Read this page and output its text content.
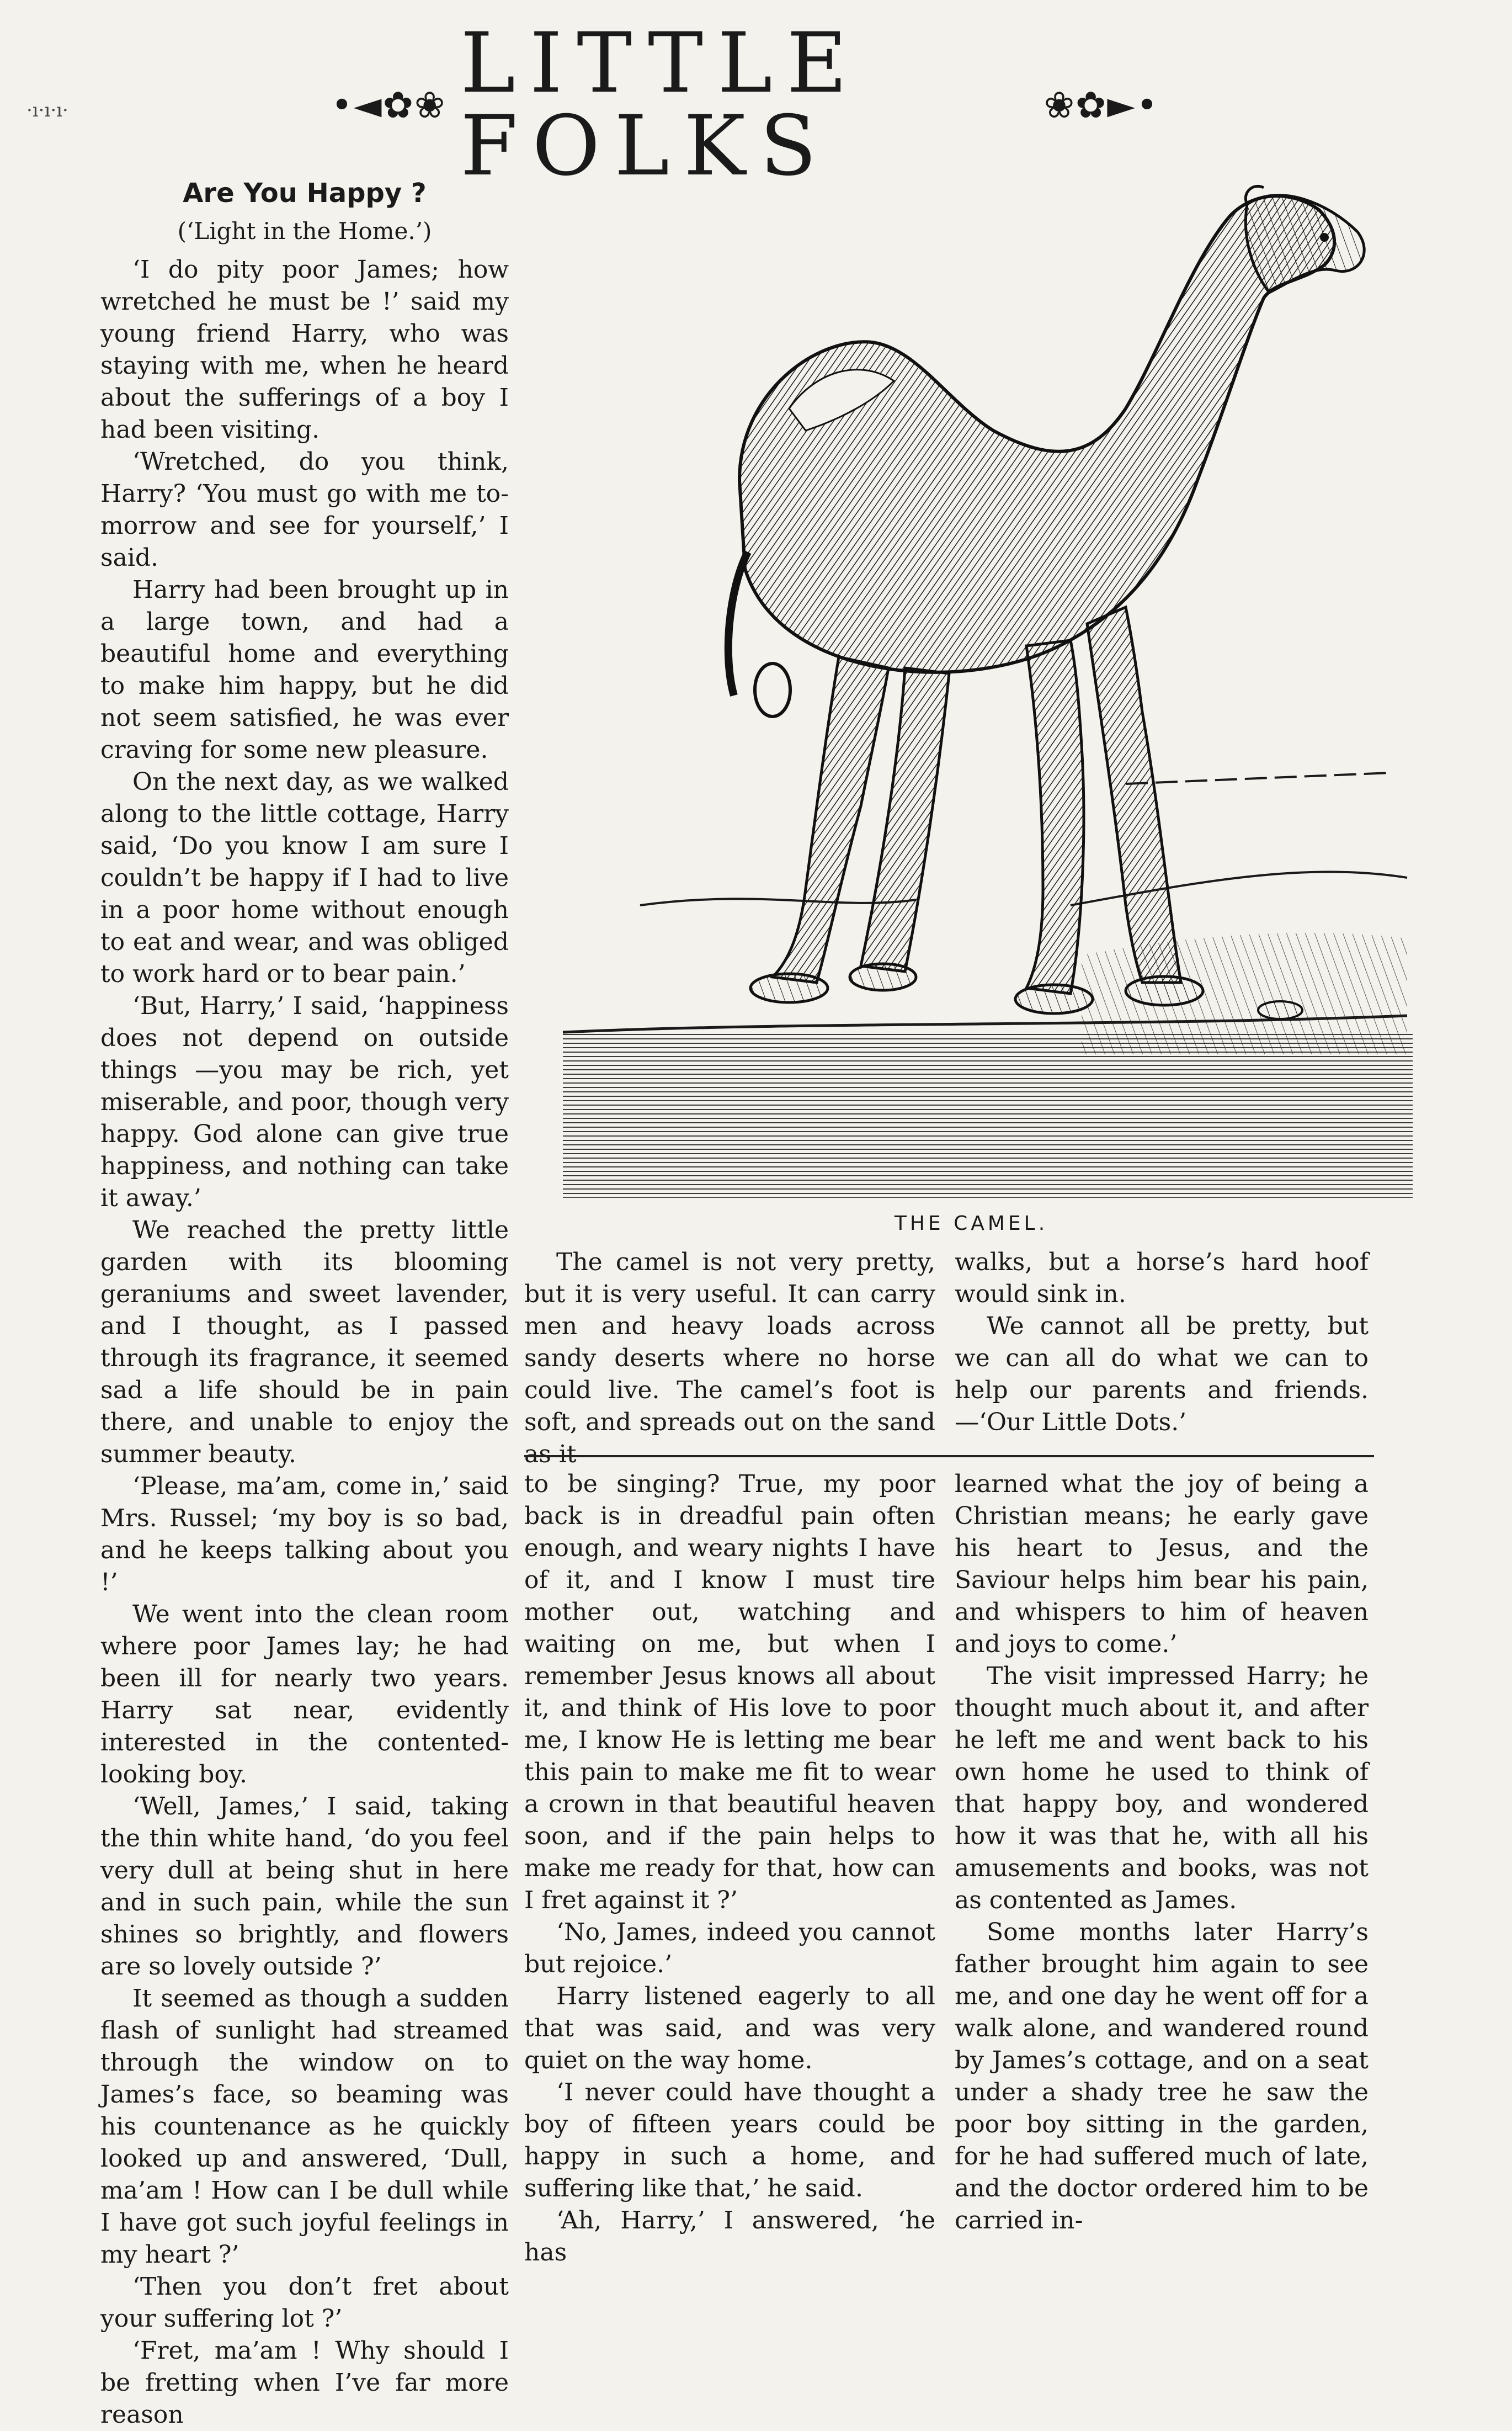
·ı·ı·ı·	•◄✿❀ LITTLE FOLKS	❀✿►•
Are You Happy ?
(‘Light in the Home.’)

‘I do pity poor James; how wretched he must be !’ said my young friend Harry, who was staying with me, when he heard about the sufferings of a boy I had been visiting.

‘Wretched, do you think, Harry? ‘You must go with me to-morrow and see for yourself,’ I said.

Harry had been brought up in a large town, and had a beautiful home and everything to make him happy, but he did not seem satisfied, he was ever craving for some new pleasure.

On the next day, as we walked along to the little cottage, Harry said, ‘Do you know I am sure I couldn’t be happy if I had to live in a poor home without enough to eat and wear, and was obliged to work hard or to bear pain.’

‘But, Harry,’ I said, ‘happiness does not depend on outside things —you may be rich, yet miserable, and poor, though very happy. God alone can give true happiness, and nothing can take it away.’

We reached the pretty little garden with its blooming geraniums and sweet lavender, and I thought, as I passed through its fragrance, it seemed sad a life should be in pain there, and unable to enjoy the summer beauty.

‘Please, ma’am, come in,’ said Mrs. Russel; ‘my boy is so bad, and he keeps talking about you !’

We went into the clean room where poor James lay; he had been ill for nearly two years. Harry sat near, evidently interested in the contented-looking boy.

‘Well, James,’ I said, taking the thin white hand, ‘do you feel very dull at being shut in here and in such pain, while the sun shines so brightly, and flowers are so lovely outside ?’

It seemed as though a sudden flash of sunlight had streamed through the window on to James’s face, so beaming was his countenance as he quickly looked up and answered, ‘Dull, ma’am ! How can I be dull while I have got such joyful feelings in my heart ?’

‘Then you don’t fret about your suffering lot ?’

‘Fret, ma’am ! Why should I be fretting when I’ve far more reason

THE CAMEL.

The camel is not very pretty, but it is very useful. It can carry men and heavy loads across sandy deserts where no horse could live. The camel’s foot is soft, and spreads out on the sand as it

walks, but a horse’s hard hoof would sink in.

We cannot all be pretty, but we can all do what we can to help our parents and friends.—‘Our Little Dots.’

to be singing? True, my poor back is in dreadful pain often enough, and weary nights I have of it, and I know I must tire mother out, watching and waiting on me, but when I remember Jesus knows all about it, and think of His love to poor me, I know He is letting me bear this pain to make me fit to wear a crown in that beautiful heaven soon, and if the pain helps to make me ready for that, how can I fret against it ?’

‘No, James, indeed you cannot but rejoice.’

Harry listened eagerly to all that was said, and was very quiet on the way home.

‘I never could have thought a boy of fifteen years could be happy in such a home, and suffering like that,’ he said.

‘Ah, Harry,’ I answered, ‘he has

learned what the joy of being a Christian means; he early gave his heart to Jesus, and the Saviour helps him bear his pain, and whispers to him of heaven and joys to come.’

The visit impressed Harry; he thought much about it, and after he left me and went back to his own home he used to think of that happy boy, and wondered how it was that he, with all his amusements and books, was not as contented as James.

Some months later Harry’s father brought him again to see me, and one day he went off for a walk alone, and wandered round by James’s cottage, and on a seat under a shady tree he saw the poor boy sitting in the garden, for he had suffered much of late, and the doctor ordered him to be carried in-
